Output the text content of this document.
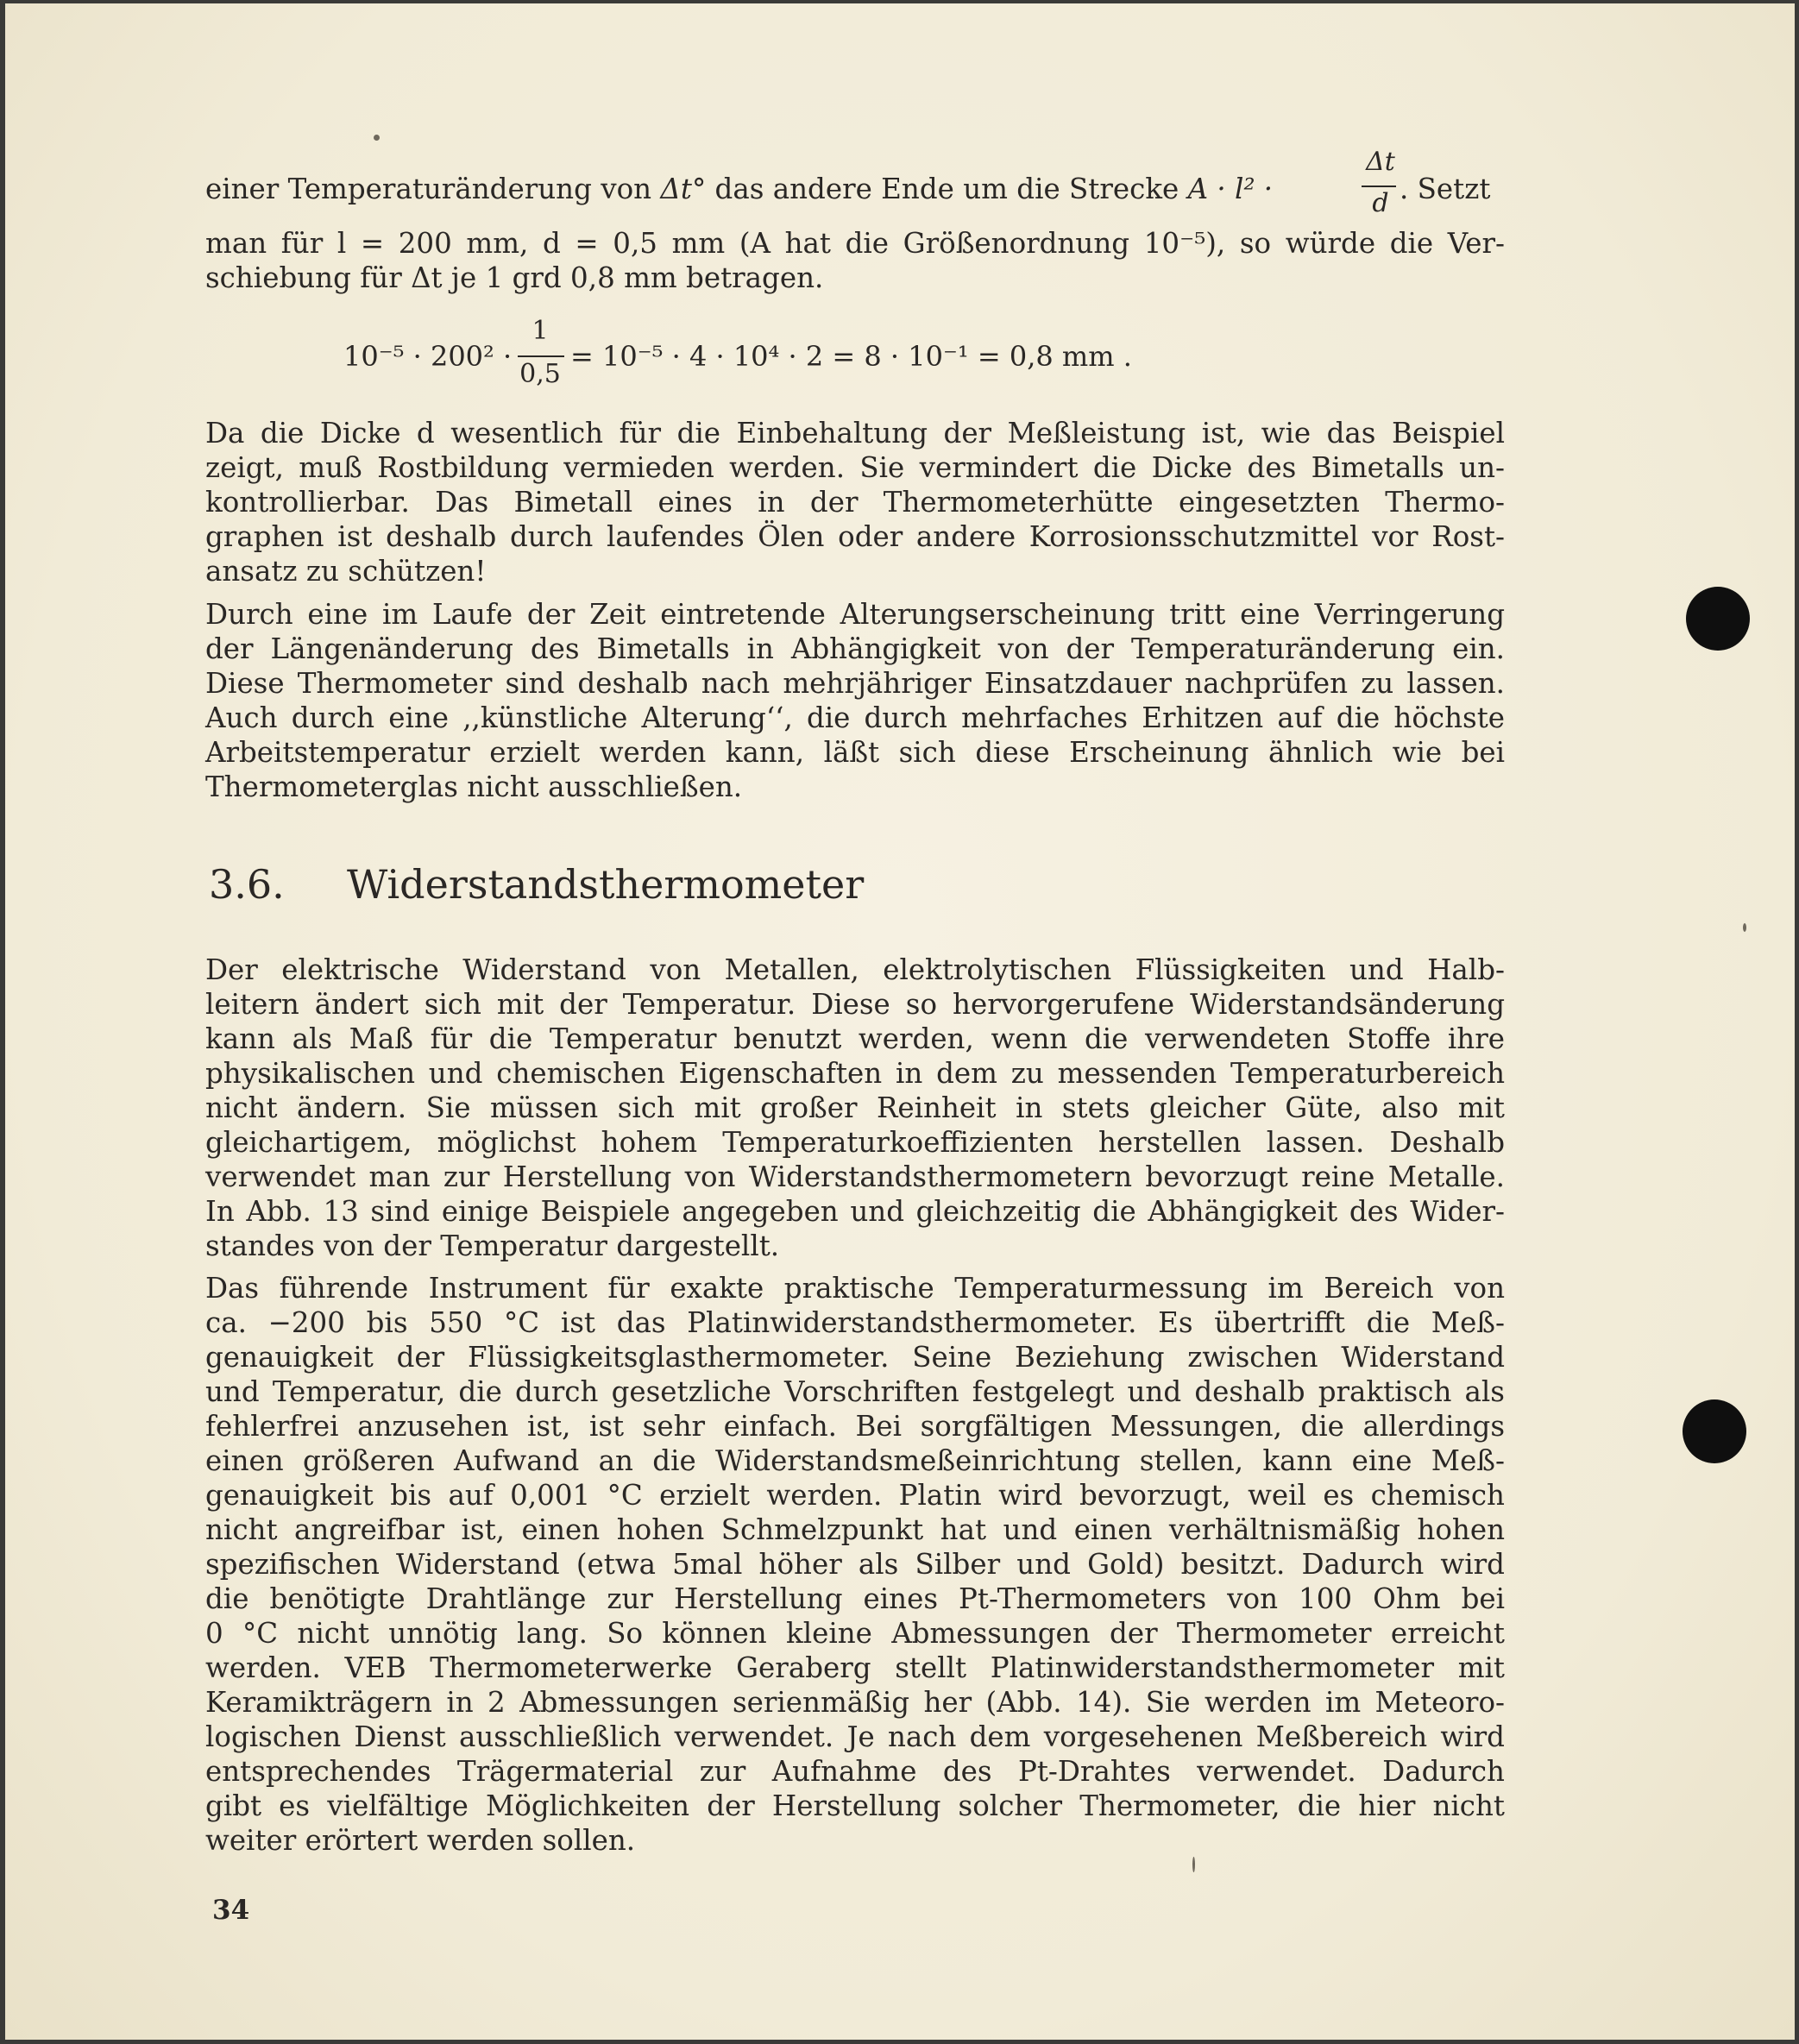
einer Temperaturänderung von Δt° das andere Ende um die Strecke A · l² ·
Δt
d . Setzt
man für l = 200 mm, d = 0,5 mm (A hat die Größenordnung 10⁻⁵), so würde die Ver-
schiebung für Δt je 1 grd 0,8 mm betragen.
10⁻⁵ · 200² ·
1
0,5
= 10⁻⁵ · 4 · 10⁴ · 2 = 8 · 10⁻¹ = 0,8 mm .
Da die Dicke d wesentlich für die Einbehaltung der Meßleistung ist, wie das Beispiel
zeigt, muß Rostbildung vermieden werden. Sie vermindert die Dicke des Bimetalls un-
kontrollierbar. Das Bimetall eines in der Thermometerhütte eingesetzten Thermo-
graphen ist deshalb durch laufendes Ölen oder andere Korrosionsschutzmittel vor Rost-
ansatz zu schützen!
Durch eine im Laufe der Zeit eintretende Alterungserscheinung tritt eine Verringerung
der Längenänderung des Bimetalls in Abhängigkeit von der Temperaturänderung ein.
Diese Thermometer sind deshalb nach mehrjähriger Einsatzdauer nachprüfen zu lassen.
Auch durch eine ,,künstliche Alterung‘‘, die durch mehrfaches Erhitzen auf die höchste
Arbeitstemperatur erzielt werden kann, läßt sich diese Erscheinung ähnlich wie bei
Thermometerglas nicht ausschließen.
3.6. Widerstandsthermometer
Der elektrische Widerstand von Metallen, elektrolytischen Flüssigkeiten und Halb-
leitern ändert sich mit der Temperatur. Diese so hervorgerufene Widerstandsänderung
kann als Maß für die Temperatur benutzt werden, wenn die verwendeten Stoffe ihre
physikalischen und chemischen Eigenschaften in dem zu messenden Temperaturbereich
nicht ändern. Sie müssen sich mit großer Reinheit in stets gleicher Güte, also mit
gleichartigem, möglichst hohem Temperaturkoeffizienten herstellen lassen. Deshalb
verwendet man zur Herstellung von Widerstandsthermometern bevorzugt reine Metalle.
In Abb. 13 sind einige Beispiele angegeben und gleichzeitig die Abhängigkeit des Wider-
standes von der Temperatur dargestellt.
Das führende Instrument für exakte praktische Temperaturmessung im Bereich von
ca. −200 bis 550 °C ist das Platinwiderstandsthermometer. Es übertrifft die Meß-
genauigkeit der Flüssigkeitsglasthermometer. Seine Beziehung zwischen Widerstand
und Temperatur, die durch gesetzliche Vorschriften festgelegt und deshalb praktisch als
fehlerfrei anzusehen ist, ist sehr einfach. Bei sorgfältigen Messungen, die allerdings
einen größeren Aufwand an die Widerstandsmeßeinrichtung stellen, kann eine Meß-
genauigkeit bis auf 0,001 °C erzielt werden. Platin wird bevorzugt, weil es chemisch
nicht angreifbar ist, einen hohen Schmelzpunkt hat und einen verhältnismäßig hohen
spezifischen Widerstand (etwa 5mal höher als Silber und Gold) besitzt. Dadurch wird
die benötigte Drahtlänge zur Herstellung eines Pt-Thermometers von 100 Ohm bei
0 °C nicht unnötig lang. So können kleine Abmessungen der Thermometer erreicht
werden. VEB Thermometerwerke Geraberg stellt Platinwiderstandsthermometer mit
Keramikträgern in 2 Abmessungen serienmäßig her (Abb. 14). Sie werden im Meteoro-
logischen Dienst ausschließlich verwendet. Je nach dem vorgesehenen Meßbereich wird
entsprechendes Trägermaterial zur Aufnahme des Pt-Drahtes verwendet. Dadurch
gibt es vielfältige Möglichkeiten der Herstellung solcher Thermometer, die hier nicht
weiter erörtert werden sollen.
34
